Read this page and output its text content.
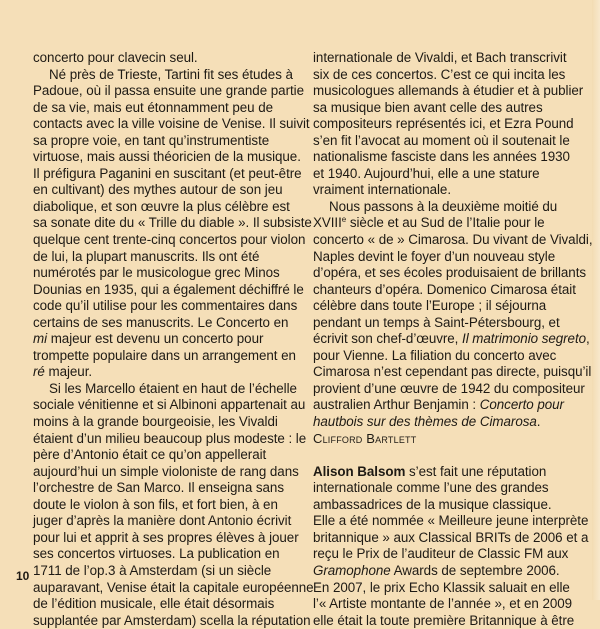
concerto pour clavecin seul.
Né près de Trieste, Tartini fit ses études à
Padoue, où il passa ensuite une grande partie
de sa vie, mais eut étonnamment peu de
contacts avec la ville voisine de Venise. Il suivit
sa propre voie, en tant qu’instrumentiste
virtuose, mais aussi théoricien de la musique.
Il préfigura Paganini en suscitant (et peut-être
en cultivant) des mythes autour de son jeu
diabolique, et son œuvre la plus célèbre est
sa sonate dite du « Trille du diable ». Il subsiste
quelque cent trente-cinq concertos pour violon
de lui, la plupart manuscrits. Ils ont été
numérotés par le musicologue grec Minos
Dounias en 1935, qui a également déchiffré le
code qu’il utilise pour les commentaires dans
certains de ses manuscrits. Le Concerto en
mi majeur est devenu un concerto pour
trompette populaire dans un arrangement en
ré majeur.
Si les Marcello étaient en haut de l’échelle
sociale vénitienne et si Albinoni appartenait au
moins à la grande bourgeoisie, les Vivaldi
étaient d’un milieu beaucoup plus modeste : le
père d’Antonio était ce qu’on appellerait
aujourd’hui un simple violoniste de rang dans
l’orchestre de San Marco. Il enseigna sans
doute le violon à son fils, et fort bien, à en
juger d’après la manière dont Antonio écrivit
pour lui et apprit à ses propres élèves à jouer
ses concertos virtuoses. La publication en
1711 de l’op.3 à Amsterdam (si un siècle
auparavant, Venise était la capitale européenne
de l’édition musicale, elle était désormais
supplantée par Amsterdam) scella la réputation
internationale de Vivaldi, et Bach transcrivit
six de ces concertos. C’est ce qui incita les
musicologues allemands à étudier et à publier
sa musique bien avant celle des autres
compositeurs représentés ici, et Ezra Pound
s’en fit l’avocat au moment où il soutenait le
nationalisme fasciste dans les années 1930
et 1940. Aujourd’hui, elle a une stature
vraiment internationale.
Nous passons à la deuxième moitié du
XVIIIe siècle et au Sud de l’Italie pour le
concerto « de » Cimarosa. Du vivant de Vivaldi,
Naples devint le foyer d’un nouveau style
d’opéra, et ses écoles produisaient de brillants
chanteurs d’opéra. Domenico Cimarosa était
célèbre dans toute l’Europe ; il séjourna
pendant un temps à Saint-Pétersbourg, et
écrivit son chef-d’œuvre, Il matrimonio segreto,
pour Vienne. La filiation du concerto avec
Cimarosa n’est cependant pas directe, puisqu’il
provient d’une œuvre de 1942 du compositeur
australien Arthur Benjamin : Concerto pour
hautbois sur des thèmes de Cimarosa.
Clifford Bartlett
Alison Balsom s’est fait une réputation
internationale comme l’une des grandes
ambassadrices de la musique classique.
Elle a été nommée « Meilleure jeune interprète
britannique » aux Classical BRITs de 2006 et a
reçu le Prix de l’auditeur de Classic FM aux
Gramophone Awards de septembre 2006.
En 2007, le prix Echo Klassik saluait en elle
l’« Artiste montante de l’année », et en 2009
elle était la toute première Britannique à être
10
